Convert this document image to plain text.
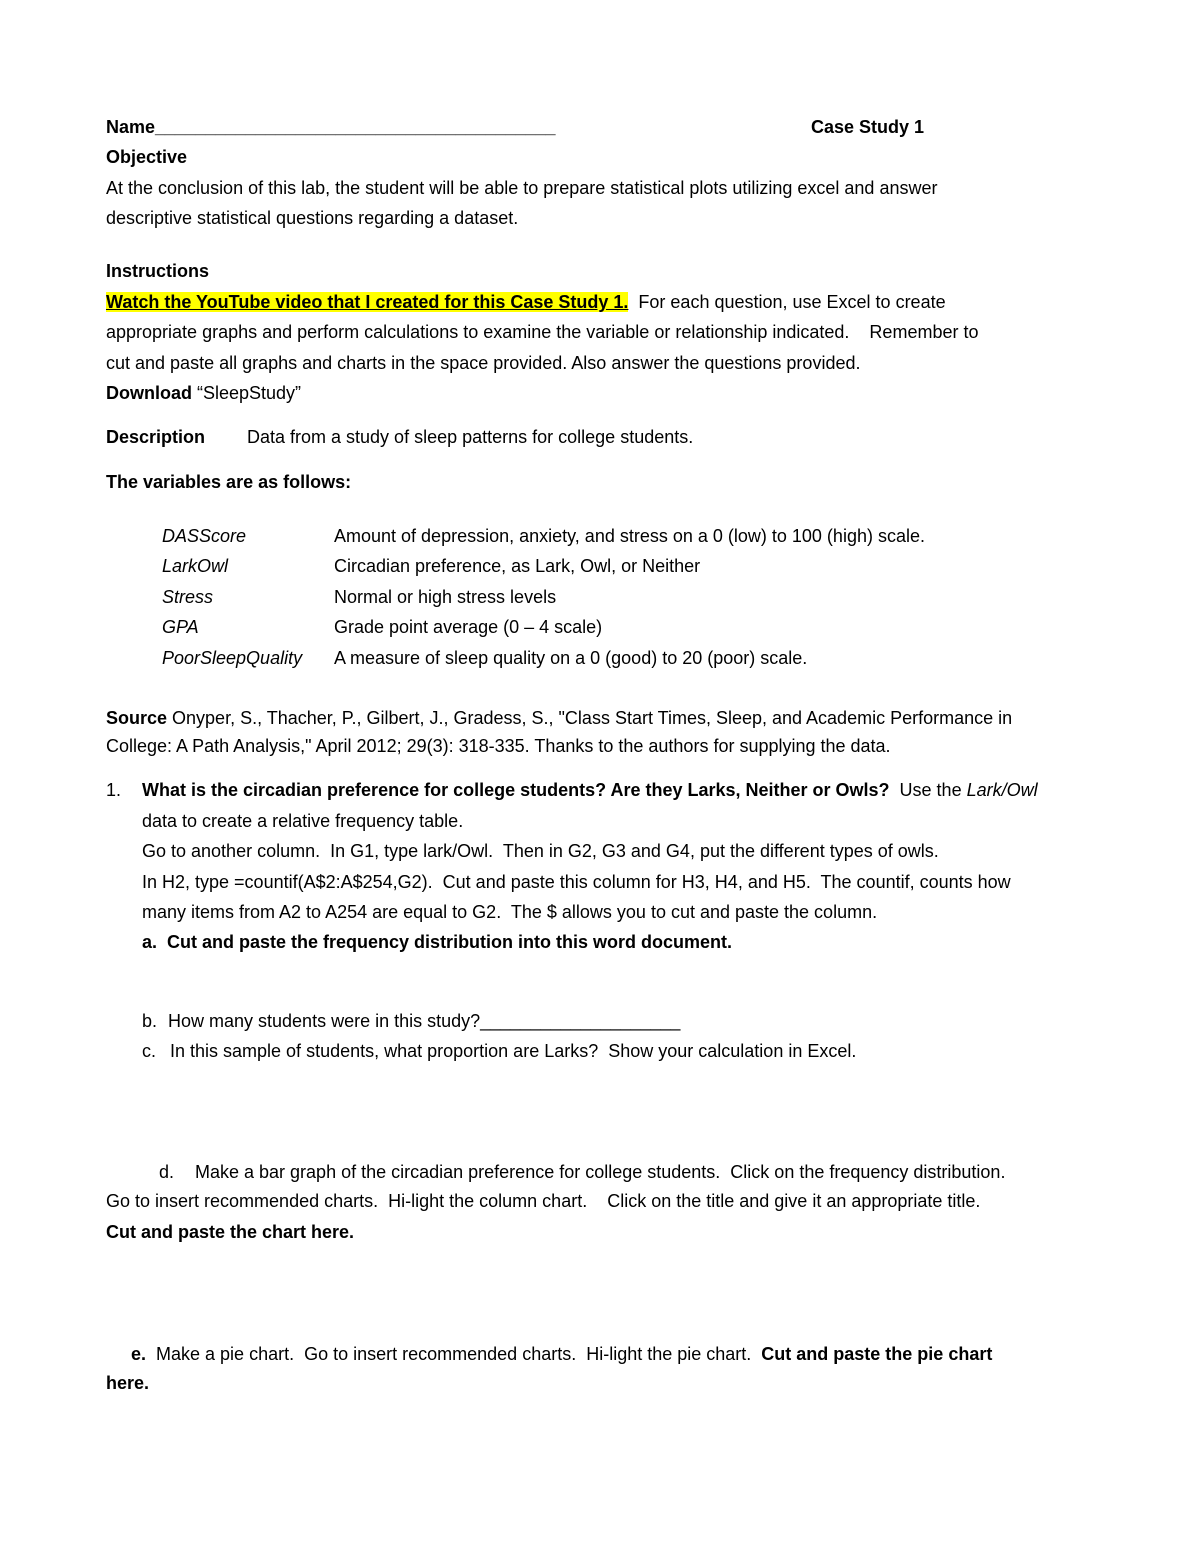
Name________________________________________	Case Study 1
Objective
At the conclusion of this lab, the student will be able to prepare statistical plots utilizing excel and answer
descriptive statistical questions regarding a dataset.
Instructions
Watch the YouTube video that I created for this Case Study 1.  For each question, use Excel to create
appropriate graphs and perform calculations to examine the variable or relationship indicated.    Remember to
cut and paste all graphs and charts in the space provided. Also answer the questions provided.
Download “SleepStudy”
Description Data from a study of sleep patterns for college students.
The variables are as follows:
DASScore	Amount of depression, anxiety, and stress on a 0 (low) to 100 (high) scale.
LarkOwl	Circadian preference, as Lark, Owl, or Neither
Stress	Normal or high stress levels
GPA	Grade point average (0 – 4 scale)
PoorSleepQuality A measure of sleep quality on a 0 (good) to 20 (poor) scale.
Source Onyper, S., Thacher, P., Gilbert, J., Gradess, S., "Class Start Times, Sleep, and Academic Performance in
College: A Path Analysis," April 2012; 29(3): 318-335. Thanks to the authors for supplying the data.
1. What is the circadian preference for college students? Are they Larks, Neither or Owls?  Use the Lark/Owl
data to create a relative frequency table.
Go to another column.  In G1, type lark/Owl.  Then in G2, G3 and G4, put the different types of owls.
In H2, type =countif(A$2:A$254,G2).  Cut and paste this column for H3, H4, and H5.  The countif, counts how
many items from A2 to A254 are equal to G2.  The $ allows you to cut and paste the column.
a.  Cut and paste the frequency distribution into this word document.
b. How many students were in this study?____________________
c. In this sample of students, what proportion are Larks?  Show your calculation in Excel.
d. Make a bar graph of the circadian preference for college students.  Click on the frequency distribution.
Go to insert recommended charts.  Hi-light the column chart.    Click on the title and give it an appropriate title.
Cut and paste the chart here.
e.  Make a pie chart.  Go to insert recommended charts.  Hi-light the pie chart.  Cut and paste the pie chart
here.
